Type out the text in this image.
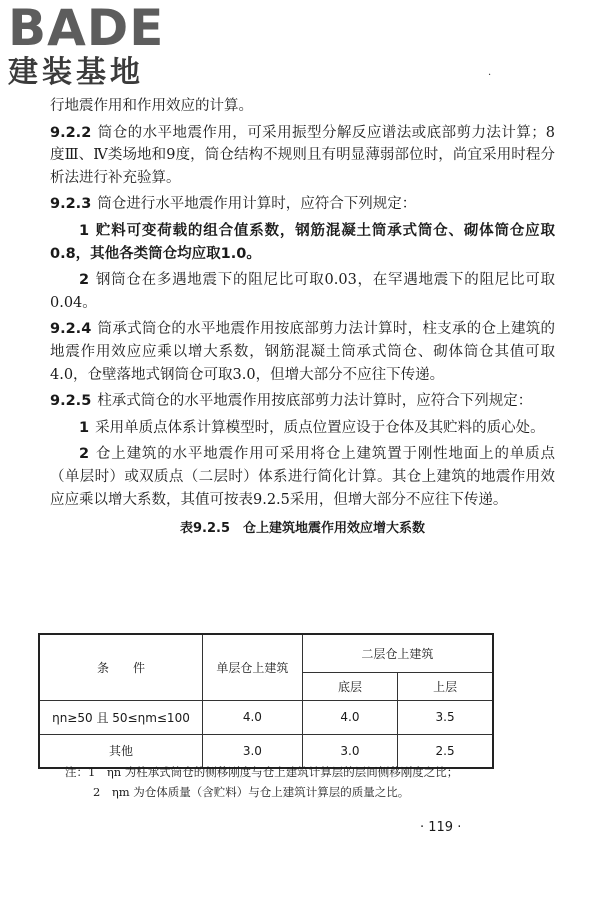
BADE
建装基地	·

行地震作用和作用效应的计算。

9.2.2 筒仓的水平地震作用，可采用振型分解反应谱法或底部剪力法计算；8度Ⅲ、Ⅳ类场地和9度，筒仓结构不规则且有明显薄弱部位时，尚宜采用时程分析法进行补充验算。

9.2.3 筒仓进行水平地震作用计算时，应符合下列规定：

1 贮料可变荷载的组合值系数，钢筋混凝土筒承式筒仓、砌体筒仓应取0.8，其他各类筒仓均应取1.0。

2 钢筒仓在多遇地震下的阻尼比可取0.03，在罕遇地震下的阻尼比可取0.04。

9.2.4 筒承式筒仓的水平地震作用按底部剪力法计算时，柱支承的仓上建筑的地震作用效应应乘以增大系数，钢筋混凝土筒承式筒仓、砌体筒仓其值可取4.0，仓壁落地式钢筒仓可取3.0，但增大部分不应往下传递。

9.2.5 柱承式筒仓的水平地震作用按底部剪力法计算时，应符合下列规定：

1 采用单质点体系计算模型时，质点位置应设于仓体及其贮料的质心处。

2 仓上建筑的水平地震作用可采用将仓上建筑置于刚性地面上的单质点（单层时）或双质点（二层时）体系进行简化计算。其仓上建筑的地震作用效应应乘以增大系数，其值可按表9.2.5采用，但增大部分不应往下传递。

表9.2.5　仓上建筑地震作用效应增大系数
条　　件	单层仓上建筑	二层仓上建筑	
		底层	上层
ηn≥50 且 50≤ηm≤100	4.0	4.0	3.5
其他	3.0	3.0	2.5
注：1　ηn 为柱承式筒仓的侧移刚度与仓上建筑计算层的层间侧移刚度之比；
2　ηm 为仓体质量（含贮料）与仓上建筑计算层的质量之比。
· 119 ·
